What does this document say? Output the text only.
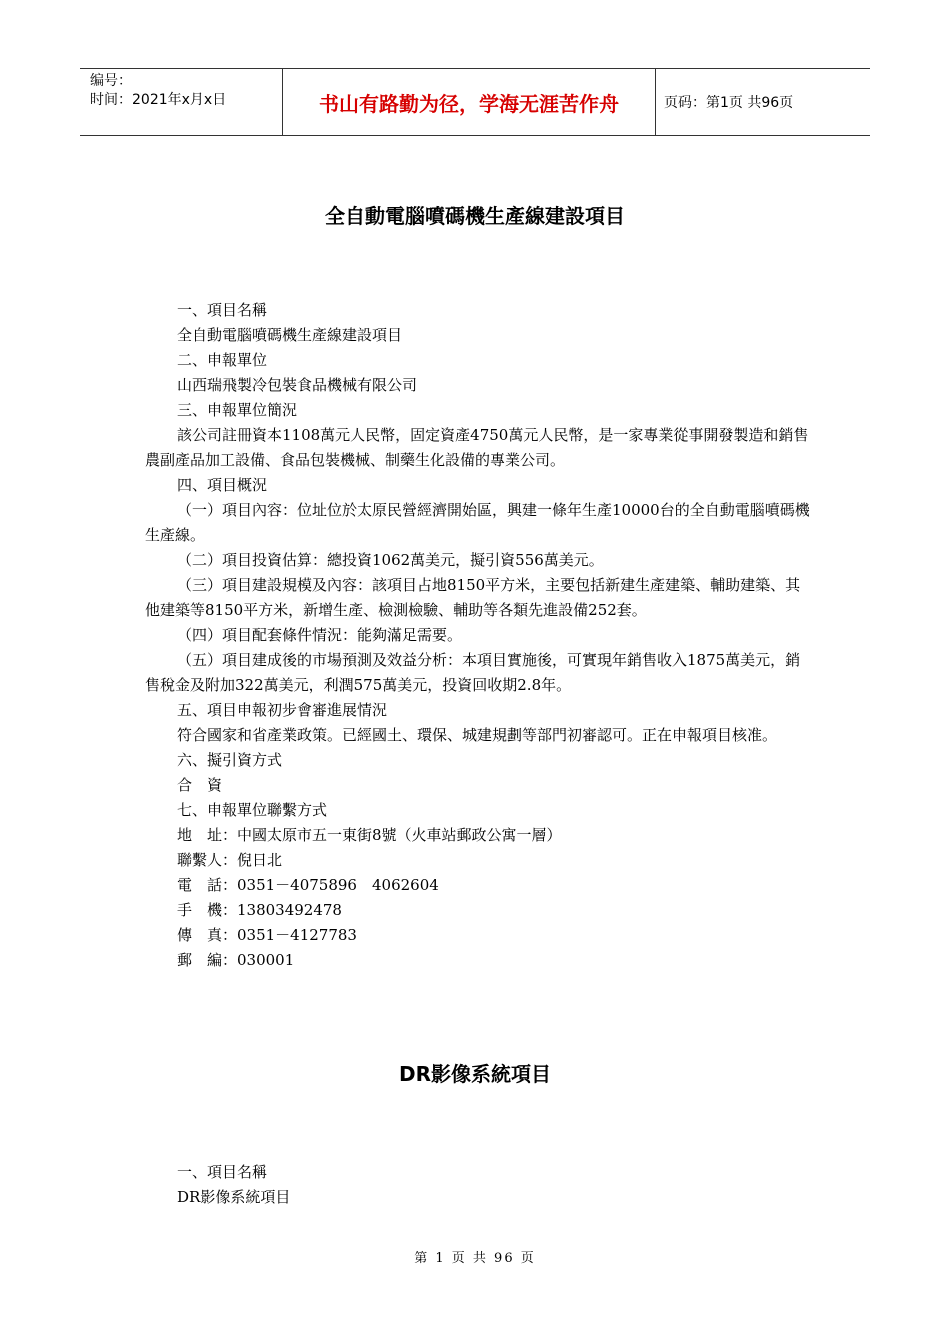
编号：
时间：2021年x月x日	书山有路勤为径，学海无涯苦作舟	页码：第1页 共96页
全自動電腦噴碼機生產線建設項目

一、項目名稱

全自動電腦噴碼機生產線建設項目

二、申報單位

山西瑞飛製冷包裝食品機械有限公司

三、申報單位簡況

該公司註冊資本1108萬元人民幣，固定資產4750萬元人民幣，是一家專業從事開發製造和銷售農副產品加工設備、食品包裝機械、制藥生化設備的專業公司。

四、項目概況

（一）項目內容：位址位於太原民營經濟開始區，興建一條年生產10000台的全自動電腦噴碼機生產線。

（二）項目投資估算：總投資1062萬美元，擬引資556萬美元。

（三）項目建設規模及內容：該項目占地8150平方米，主要包括新建生產建築、輔助建築、其他建築等8150平方米，新增生產、檢測檢驗、輔助等各類先進設備252套。

（四）項目配套條件情況：能夠滿足需要。

（五）項目建成後的市場預測及效益分析：本項目實施後，可實現年銷售收入1875萬美元，銷售稅金及附加322萬美元，利潤575萬美元，投資回收期2.8年。

五、項目申報初步會審進展情況

符合國家和省產業政策。已經國土、環保、城建規劃等部門初審認可。正在申報項目核准。

六、擬引資方式

合　資

七、申報單位聯繫方式

地　址：中國太原市五一東街8號（火車站郵政公寓一層）

聯繫人：倪日北

電　話：0351－4075896　4062604

手　機：13803492478

傳　真：0351－4127783

郵　編：030001

DR影像系統項目

一、項目名稱

DR影像系統項目

第 1 页 共 96 页
